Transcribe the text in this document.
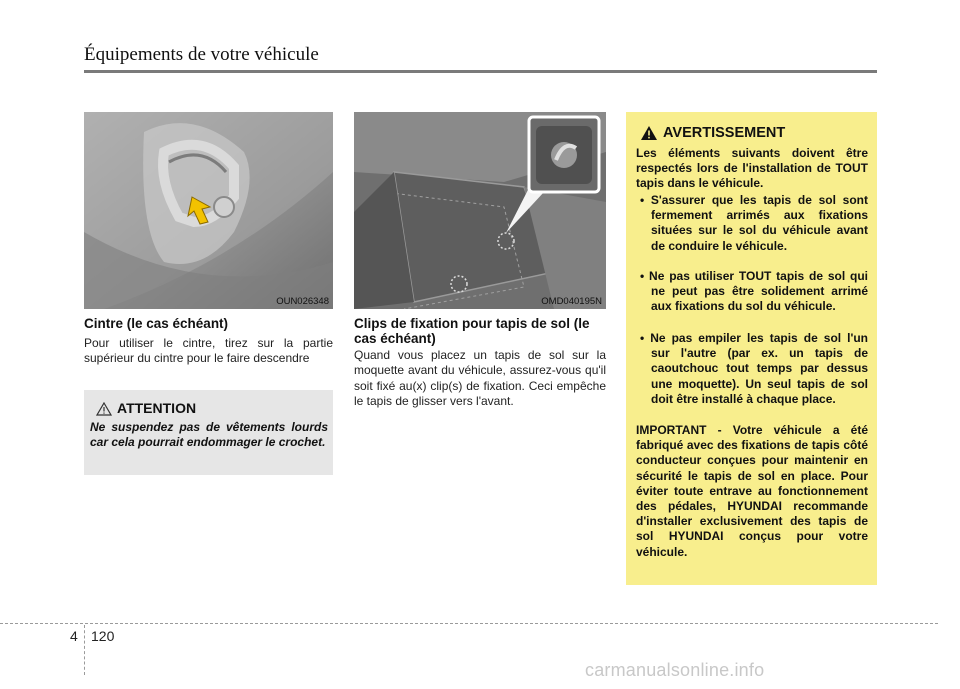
Équipements de votre véhicule
OUN026348	OMD040195N
Cintre (le cas échéant)
Pour utiliser le cintre, tirez sur la partie supérieur du cintre pour le faire descendre
ATTENTION
Ne suspendez pas de vêtements lourds car cela pourrait endommager le crochet.
Clips de fixation pour tapis de sol (le cas échéant)
Quand vous placez un tapis de sol sur la moquette avant du véhicule, assurez-vous qu'il soit fixé au(x) clip(s) de fixation. Ceci empêche le tapis de glisser vers l'avant.
AVERTISSEMENT
Les éléments suivants doivent être respectés lors de l'installation de TOUT tapis dans le véhicule.
• S'assurer que les tapis de sol sont fermement arrimés aux fixations situées sur le sol du véhicule avant de conduire le véhicule.
• Ne pas utiliser TOUT tapis de sol qui ne peut pas être solidement arrimé aux fixations du sol du véhicule.
• Ne pas empiler les tapis de sol l'un sur l'autre (par ex. un tapis de caoutchouc tout temps par dessus une moquette). Un seul tapis de sol doit être installé à chaque place.
IMPORTANT - Votre véhicule a été fabriqué avec des fixations de tapis côté conducteur conçues pour maintenir en sécurité le tapis de sol en place. Pour éviter toute entrave au fonctionnement des pédales, HYUNDAI recommande d'installer exclusivement des tapis de sol HYUNDAI conçus pour votre véhicule.
4 120
carmanualsonline.info
